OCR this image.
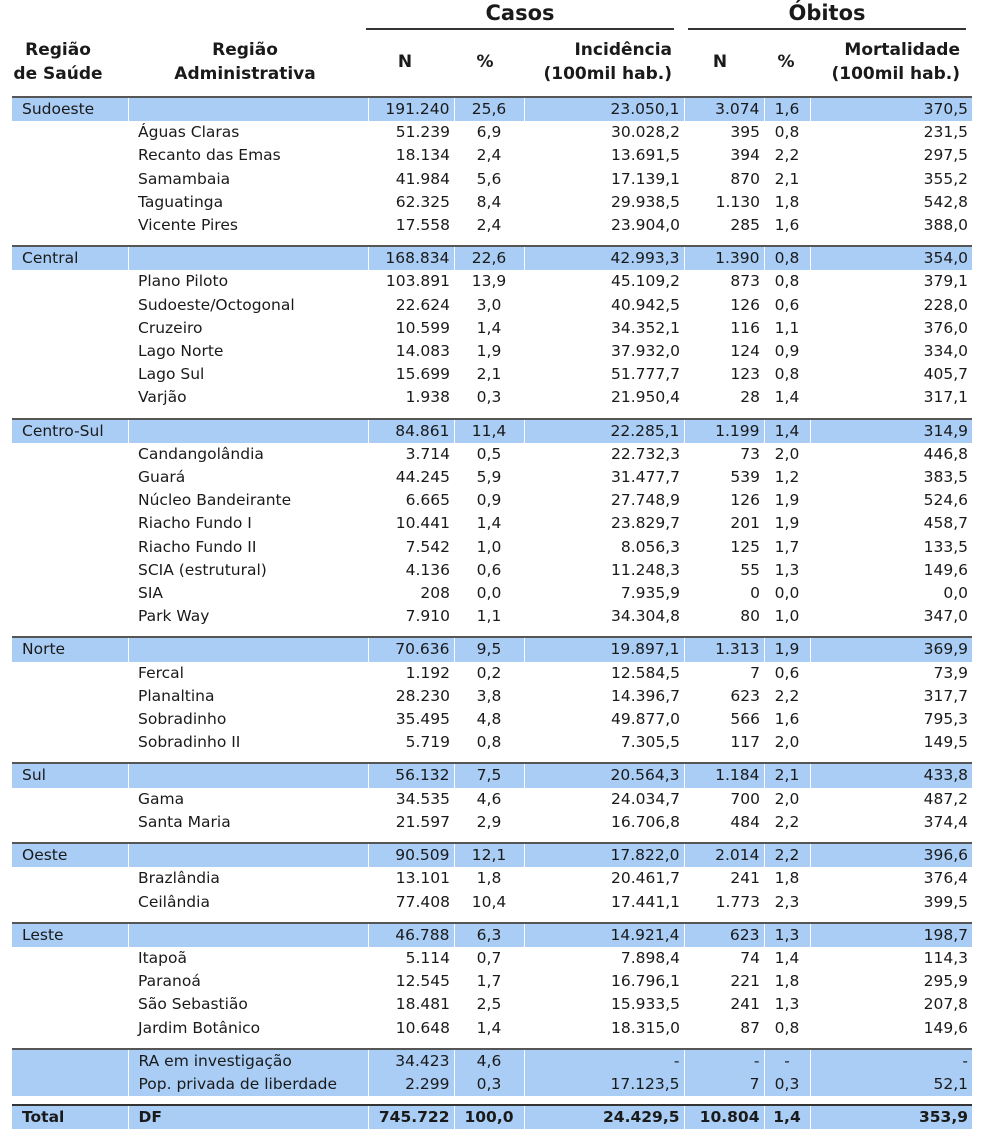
Casos	Óbitos
Região de Saúde
Região Administrativa
N	%
Incidência (100mil hab.)
N	%
Mortalidade (100mil hab.)
Sudoeste		191.240	25,6	23.050,1	3.074	1,6	370,5
	Águas Claras	51.239	6,9	30.028,2	395	0,8	231,5
	Recanto das Emas	18.134	2,4	13.691,5	394	2,2	297,5
	Samambaia	41.984	5,6	17.139,1	870	2,1	355,2
	Taguatinga	62.325	8,4	29.938,5	1.130	1,8	542,8
	Vicente Pires	17.558	2,4	23.904,0	285	1,6	388,0

Central		168.834	22,6	42.993,3	1.390	0,8	354,0
	Plano Piloto	103.891	13,9	45.109,2	873	0,8	379,1
	Sudoeste/Octogonal	22.624	3,0	40.942,5	126	0,6	228,0
	Cruzeiro	10.599	1,4	34.352,1	116	1,1	376,0
	Lago Norte	14.083	1,9	37.932,0	124	0,9	334,0
	Lago Sul	15.699	2,1	51.777,7	123	0,8	405,7
	Varjão	1.938	0,3	21.950,4	28	1,4	317,1

Centro-Sul		84.861	11,4	22.285,1	1.199	1,4	314,9
	Candangolândia	3.714	0,5	22.732,3	73	2,0	446,8
	Guará	44.245	5,9	31.477,7	539	1,2	383,5
	Núcleo Bandeirante	6.665	0,9	27.748,9	126	1,9	524,6
	Riacho Fundo I	10.441	1,4	23.829,7	201	1,9	458,7
	Riacho Fundo II	7.542	1,0	8.056,3	125	1,7	133,5
	SCIA (estrutural)	4.136	0,6	11.248,3	55	1,3	149,6
	SIA	208	0,0	7.935,9	0	0,0	0,0
	Park Way	7.910	1,1	34.304,8	80	1,0	347,0

Norte		70.636	9,5	19.897,1	1.313	1,9	369,9
	Fercal	1.192	0,2	12.584,5	7	0,6	73,9
	Planaltina	28.230	3,8	14.396,7	623	2,2	317,7
	Sobradinho	35.495	4,8	49.877,0	566	1,6	795,3
	Sobradinho II	5.719	0,8	7.305,5	117	2,0	149,5

Sul		56.132	7,5	20.564,3	1.184	2,1	433,8
	Gama	34.535	4,6	24.034,7	700	2,0	487,2
	Santa Maria	21.597	2,9	16.706,8	484	2,2	374,4

Oeste		90.509	12,1	17.822,0	2.014	2,2	396,6
	Brazlândia	13.101	1,8	20.461,7	241	1,8	376,4
	Ceilândia	77.408	10,4	17.441,1	1.773	2,3	399,5

Leste		46.788	6,3	14.921,4	623	1,3	198,7
	Itapoã	5.114	0,7	7.898,4	74	1,4	114,3
	Paranoá	12.545	1,7	16.796,1	221	1,8	295,9
	São Sebastião	18.481	2,5	15.933,5	241	1,3	207,8
	Jardim Botânico	10.648	1,4	18.315,0	87	0,8	149,6

	RA em investigação	34.423	4,6	-	-	-	-
	Pop. privada de liberdade	2.299	0,3	17.123,5	7	0,3	52,1

Total	DF	745.722	100,0	24.429,5	10.804	1,4	353,9
